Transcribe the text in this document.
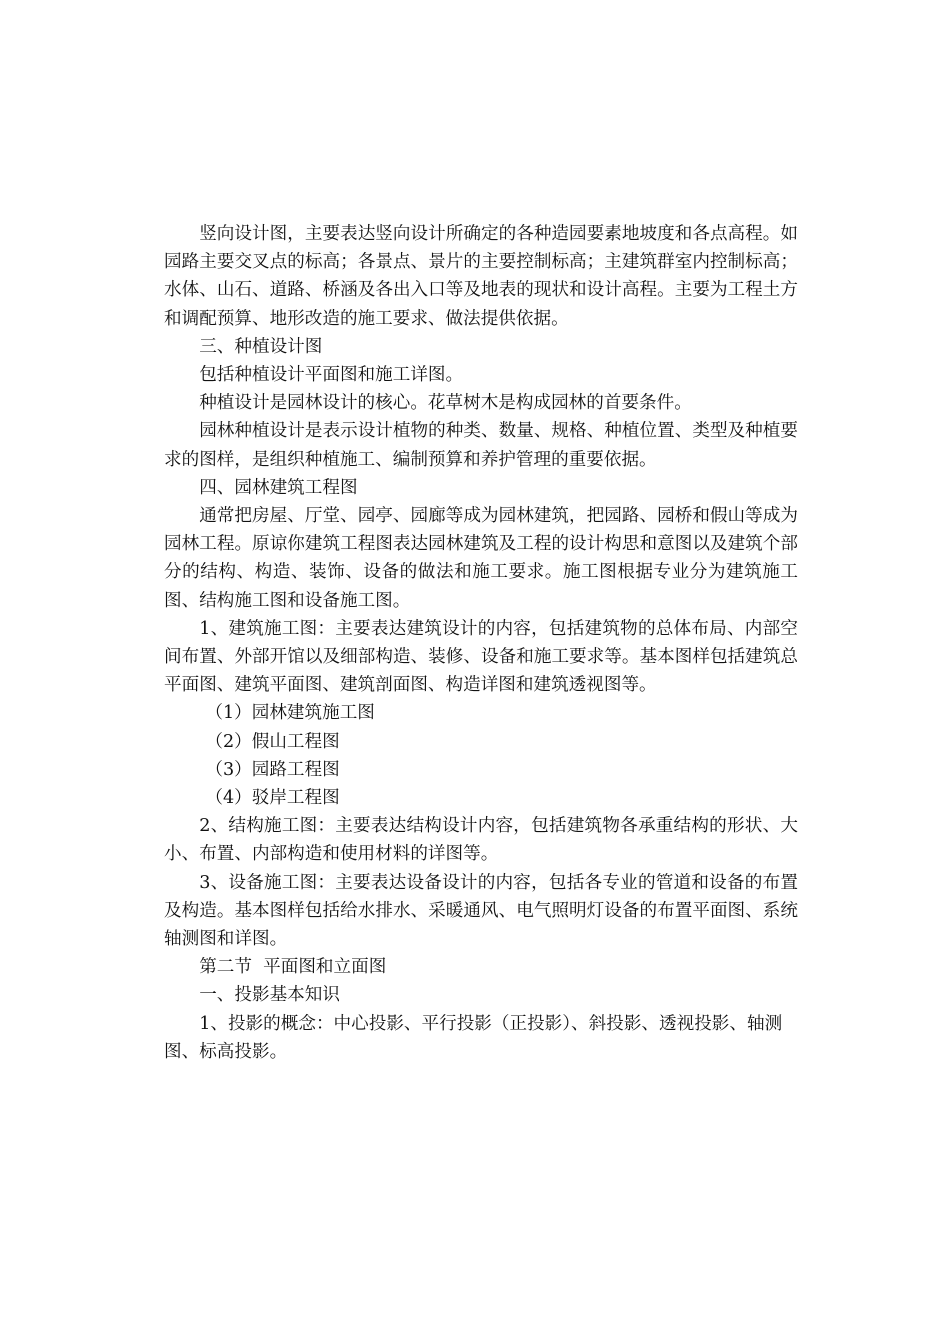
竖向设计图，主要表达竖向设计所确定的各种造园要素地坡度和各点高程。如园路主要交叉点的标高；各景点、景片的主要控制标高；主建筑群室内控制标高；水体、山石、道路、桥涵及各出入口等及地表的现状和设计高程。主要为工程土方和调配预算、地形改造的施工要求、做法提供依据。

三、种植设计图

包括种植设计平面图和施工详图。

种植设计是园林设计的核心。花草树木是构成园林的首要条件。

园林种植设计是表示设计植物的种类、数量、规格、种植位置、类型及种植要求的图样，是组织种植施工、编制预算和养护管理的重要依据。

四、园林建筑工程图

通常把房屋、厅堂、园亭、园廊等成为园林建筑，把园路、园桥和假山等成为园林工程。原谅你建筑工程图表达园林建筑及工程的设计构思和意图以及建筑个部分的结构、构造、装饰、设备的做法和施工要求。施工图根据专业分为建筑施工图、结构施工图和设备施工图。

1、建筑施工图：主要表达建筑设计的内容，包括建筑物的总体布局、内部空间布置、外部开馆以及细部构造、装修、设备和施工要求等。基本图样包括建筑总平面图、建筑平面图、建筑剖面图、构造详图和建筑透视图等。

（1）园林建筑施工图

（2）假山工程图

（3）园路工程图

（4）驳岸工程图

2、结构施工图：主要表达结构设计内容，包括建筑物各承重结构的形状、大小、布置、内部构造和使用材料的详图等。

3、设备施工图：主要表达设备设计的内容，包括各专业的管道和设备的布置及构造。基本图样包括给水排水、采暖通风、电气照明灯设备的布置平面图、系统轴测图和详图。

第二节  平面图和立面图

一、投影基本知识

1、投影的概念：中心投影、平行投影（正投影）、斜投影、透视投影、轴测图、标高投影。
